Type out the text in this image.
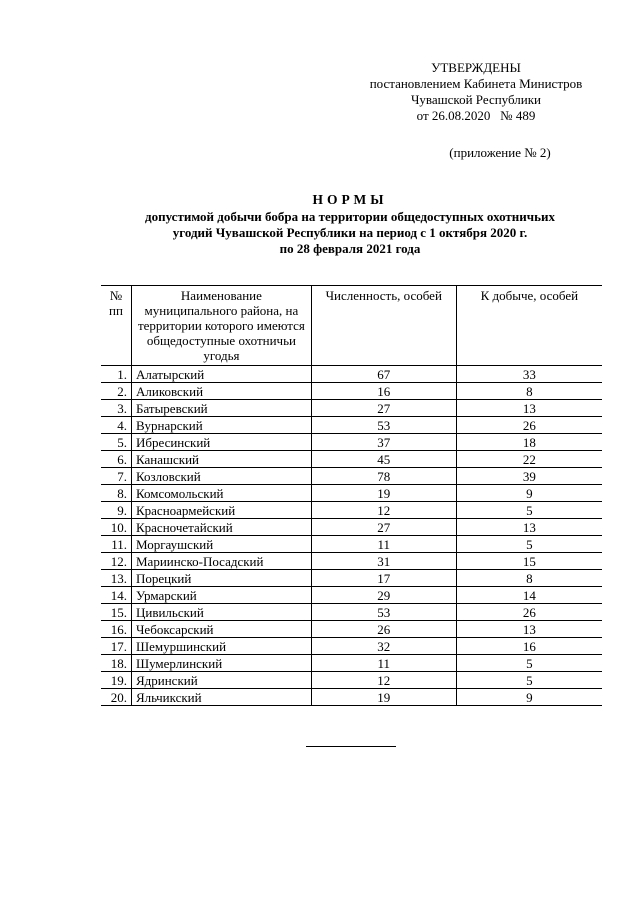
УТВЕРЖДЕНЫ
постановлением Кабинета Министров
Чувашской Республики
от 26.08.2020   № 489
(приложение № 2)
НОРМЫ
допустимой добычи бобра на территории общедоступных охотничьих
угодий Чувашской Республики на период с 1 октября 2020 г.
по 28 февраля 2021 года
№ пп	Наименование муниципального района, на территории которого имеются общедоступные охотничьи угодья	Численность, особей	К добыче, особей
1.	Алатырский	67	33
2.	Аликовский	16	8
3.	Батыревский	27	13
4.	Вурнарский	53	26
5.	Ибресинский	37	18
6.	Канашский	45	22
7.	Козловский	78	39
8.	Комсомольский	19	9
9.	Красноармейский	12	5
10.	Красночетайский	27	13
11.	Моргаушский	11	5
12.	Мариинско-Посадский	31	15
13.	Порецкий	17	8
14.	Урмарский	29	14
15.	Цивильский	53	26
16.	Чебоксарский	26	13
17.	Шемуршинский	32	16
18.	Шумерлинский	11	5
19.	Ядринский	12	5
20.	Яльчикский	19	9
